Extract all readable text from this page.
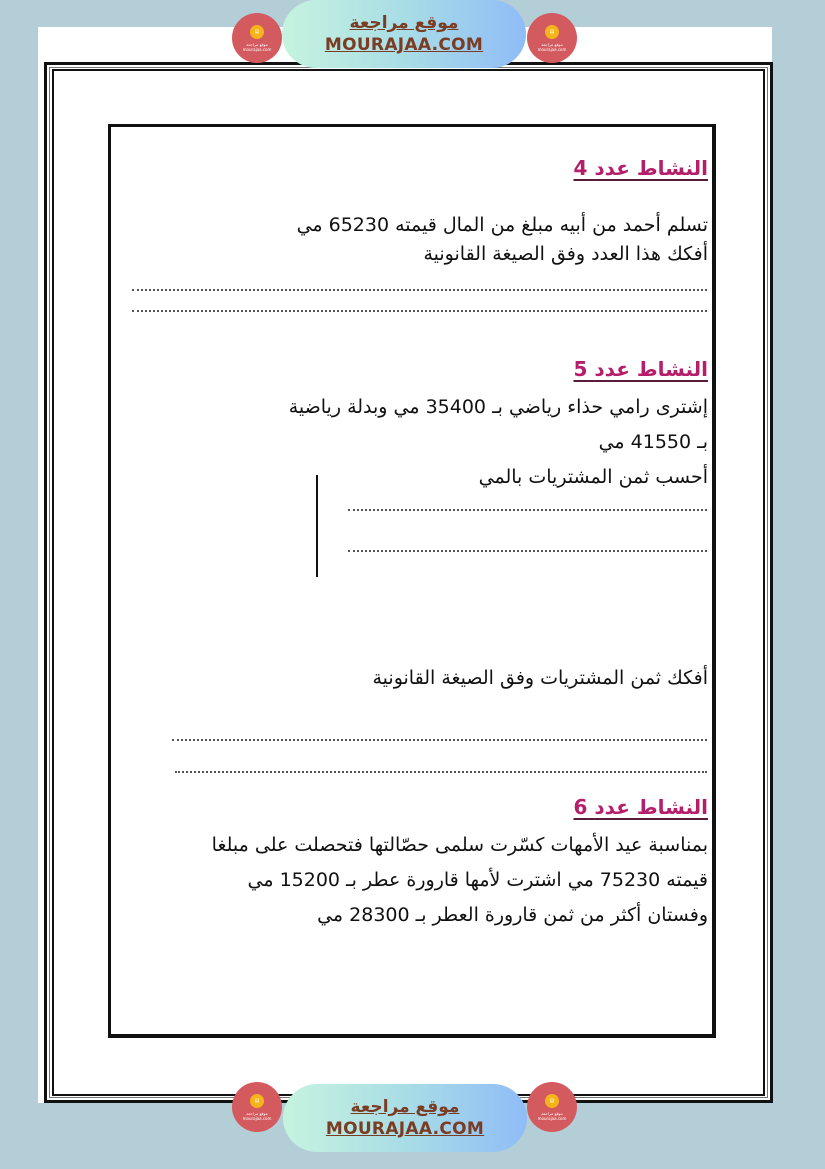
▤
موقع مراجعة mourajaa.com
موقع مراجعة
MOURAJAA.COM
▤
موقع مراجعة mourajaa.com
النشاط عدد 4
تسلم أحمد من أبيه مبلغ من المال قيمته 65230 مي
أفكك هذا العدد وفق الصيغة القانونية
النشاط عدد 5
إشترى رامي حذاء رياضي بـ 35400 مي وبدلة رياضية
بـ 41550 مي
أحسب ثمن المشتريات بالمي
أفكك ثمن المشتريات وفق الصيغة القانونية
النشاط عدد 6
بمناسبة عيد الأمهات كسّرت سلمى حصّالتها فتحصلت على مبلغا
قيمته 75230 مي اشترت لأمها قارورة عطر بـ 15200 مي
وفستان أكثر من ثمن قارورة العطر بـ 28300 مي
▤
موقع مراجعة mourajaa.com
موقع مراجعة
MOURAJAA.COM
▤
موقع مراجعة mourajaa.com
